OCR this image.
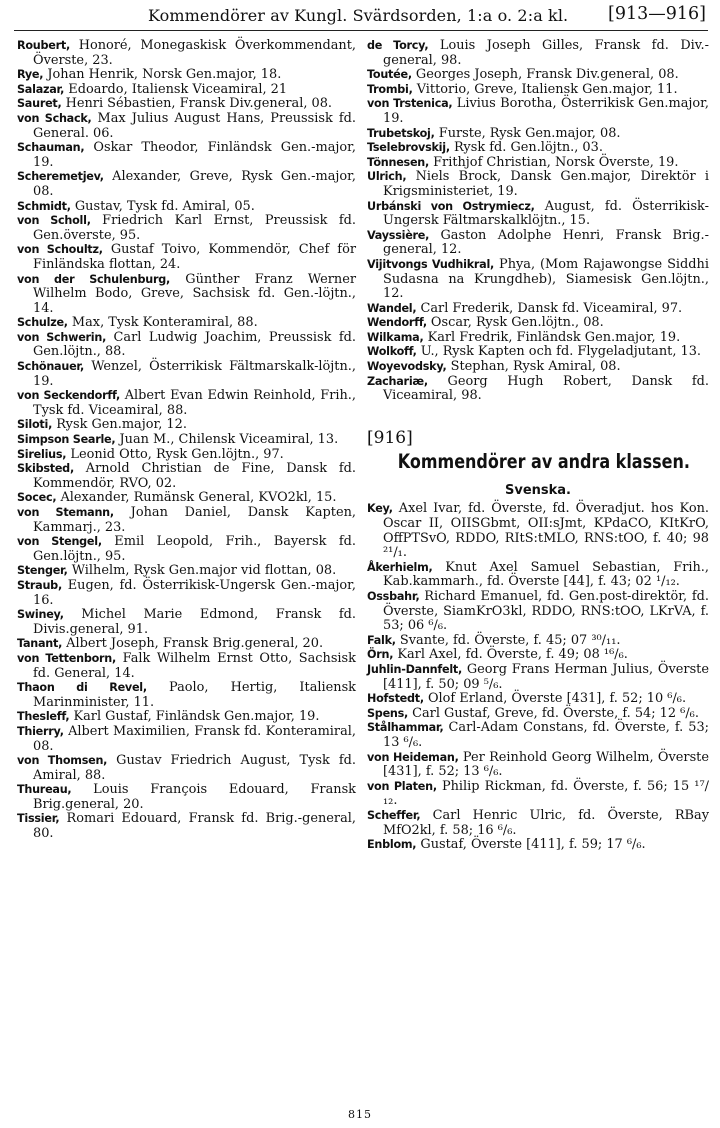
Kommendörer av Kungl. Svärdsorden, 1:a o. 2:a kl. [913—916]
Roubert, Honoré, Monegaskisk Överkommendant, Överste, 23.
Rye, Johan Henrik, Norsk Gen.major, 18.
Salazar, Edoardo, Italiensk Viceamiral, 21
Sauret, Henri Sébastien, Fransk Div.general, 08.
von Schack, Max Julius August Hans, Preussisk fd. General. 06.
Schauman, Oskar Theodor, Finländsk Gen.-major, 19.
Scheremetjev, Alexander, Greve, Rysk Gen.-major, 08.
Schmidt, Gustav, Tysk fd. Amiral, 05.
von Scholl, Friedrich Karl Ernst, Preussisk fd. Gen.överste, 95.
von Schoultz, Gustaf Toivo, Kommendör, Chef för Finländska flottan, 24.
von der Schulenburg, Günther Franz Werner Wilhelm Bodo, Greve, Sachsisk fd. Gen.-löjtn., 14.
Schulze, Max, Tysk Konteramiral, 88.
von Schwerin, Carl Ludwig Joachim, Preussisk fd. Gen.löjtn., 88.
Schönauer, Wenzel, Österrikisk Fältmarskalk-löjtn., 19.
von Seckendorff, Albert Evan Edwin Reinhold, Frih., Tysk fd. Viceamiral, 88.
Siloti, Rysk Gen.major, 12.
Simpson Searle, Juan M., Chilensk Viceamiral, 13.
Sirelius, Leonid Otto, Rysk Gen.löjtn., 97.
Skibsted, Arnold Christian de Fine, Dansk fd. Kommendör, RVO, 02.
Socec, Alexander, Rumänsk General, KVO2kl, 15.
von Stemann, Johan Daniel, Dansk Kapten, Kammarj., 23.
von Stengel, Emil Leopold, Frih., Bayersk fd. Gen.löjtn., 95.
Stenger, Wilhelm, Rysk Gen.major vid flottan, 08.
Straub, Eugen, fd. Österrikisk-Ungersk Gen.-major, 16.
Swiney, Michel Marie Edmond, Fransk fd. Divis.general, 91.
Tanant, Albert Joseph, Fransk Brig.general, 20.
von Tettenborn, Falk Wilhelm Ernst Otto, Sachsisk fd. General, 14.
Thaon di Revel, Paolo, Hertig, Italiensk Marinminister, 11.
Thesleff, Karl Gustaf, Finländsk Gen.major, 19.
Thierry, Albert Maximilien, Fransk fd. Konteramiral, 08.
von Thomsen, Gustav Friedrich August, Tysk fd. Amiral, 88.
Thureau, Louis François Edouard, Fransk Brig.general, 20.
Tissier, Romari Edouard, Fransk fd. Brig.-general, 80.
de Torcy, Louis Joseph Gilles, Fransk fd. Div.-general, 98.
Toutée, Georges Joseph, Fransk Div.general, 08.
Trombi, Vittorio, Greve, Italiensk Gen.major, 11.
von Trstenica, Livius Borotha, Österrikisk Gen.major, 19.
Trubetskoj, Furste, Rysk Gen.major, 08.
Tselebrovskij, Rysk fd. Gen.löjtn., 03.
Tönnesen, Frithjof Christian, Norsk Överste, 19.
Ulrich, Niels Brock, Dansk Gen.major, Direktör i Krigsministeriet, 19.
Urbánski von Ostrymiecz, August, fd. Österrikisk-Ungersk Fältmarskalklöjtn., 15.
Vayssière, Gaston Adolphe Henri, Fransk Brig.-general, 12.
Vijitvongs Vudhikral, Phya, (Mom Rajawongse Siddhi Sudasna na Krungdheb), Siamesisk Gen.löjtn., 12.
Wandel, Carl Frederik, Dansk fd. Viceamiral, 97.
Wendorff, Oscar, Rysk Gen.löjtn., 08.
Wilkama, Karl Fredrik, Finländsk Gen.major, 19.
Wolkoff, U., Rysk Kapten och fd. Flygeladjutant, 13.
Woyevodsky, Stephan, Rysk Amiral, 08.
Zachariæ, Georg Hugh Robert, Dansk fd. Viceamiral, 98.
[916]
Kommendörer av andra klassen.
Svenska.
Key, Axel Ivar, fd. Överste, fd. Överadjut. hos Kon. Oscar II, OIISGbmt, OII:sJmt, KPdaCO, KItKrO, OffPTSvO, RDDO, RItS:tMLO, RNS:tOO, f. 40; 98 ²¹/₁.
Åkerhielm, Knut Axel Samuel Sebastian, Frih., Kab.kammarh., fd. Överste [44], f. 43; 02 ¹/₁₂.
Ossbahr, Richard Emanuel, fd. Gen.post-direktör, fd. Överste, SiamKrO3kl, RDDO, RNS:tOO, LKrVA, f. 53; 06 ⁶/₆.
Falk, Svante, fd. Överste, f. 45; 07 ³⁰/₁₁.
Örn, Karl Axel, fd. Överste, f. 49; 08 ¹⁶/₆.
Juhlin-Dannfelt, Georg Frans Herman Julius, Överste [411], f. 50; 09 ⁵/₆.
Hofstedt, Olof Erland, Överste [431], f. 52; 10 ⁶/₆.
Spens, Carl Gustaf, Greve, fd. Överste, f. 54; 12 ⁶/₆.
Stålhammar, Carl-Adam Constans, fd. Överste, f. 53; 13 ⁶/₆.
von Heideman, Per Reinhold Georg Wilhelm, Överste [431], f. 52; 13 ⁶/₆.
von Platen, Philip Rickman, fd. Överste, f. 56; 15 ¹⁷/₁₂.
Scheffer, Carl Henric Ulric, fd. Överste, RBay MfO2kl, f. 58; 16 ⁶/₆.
Enblom, Gustaf, Överste [411], f. 59; 17 ⁶/₆.
815
